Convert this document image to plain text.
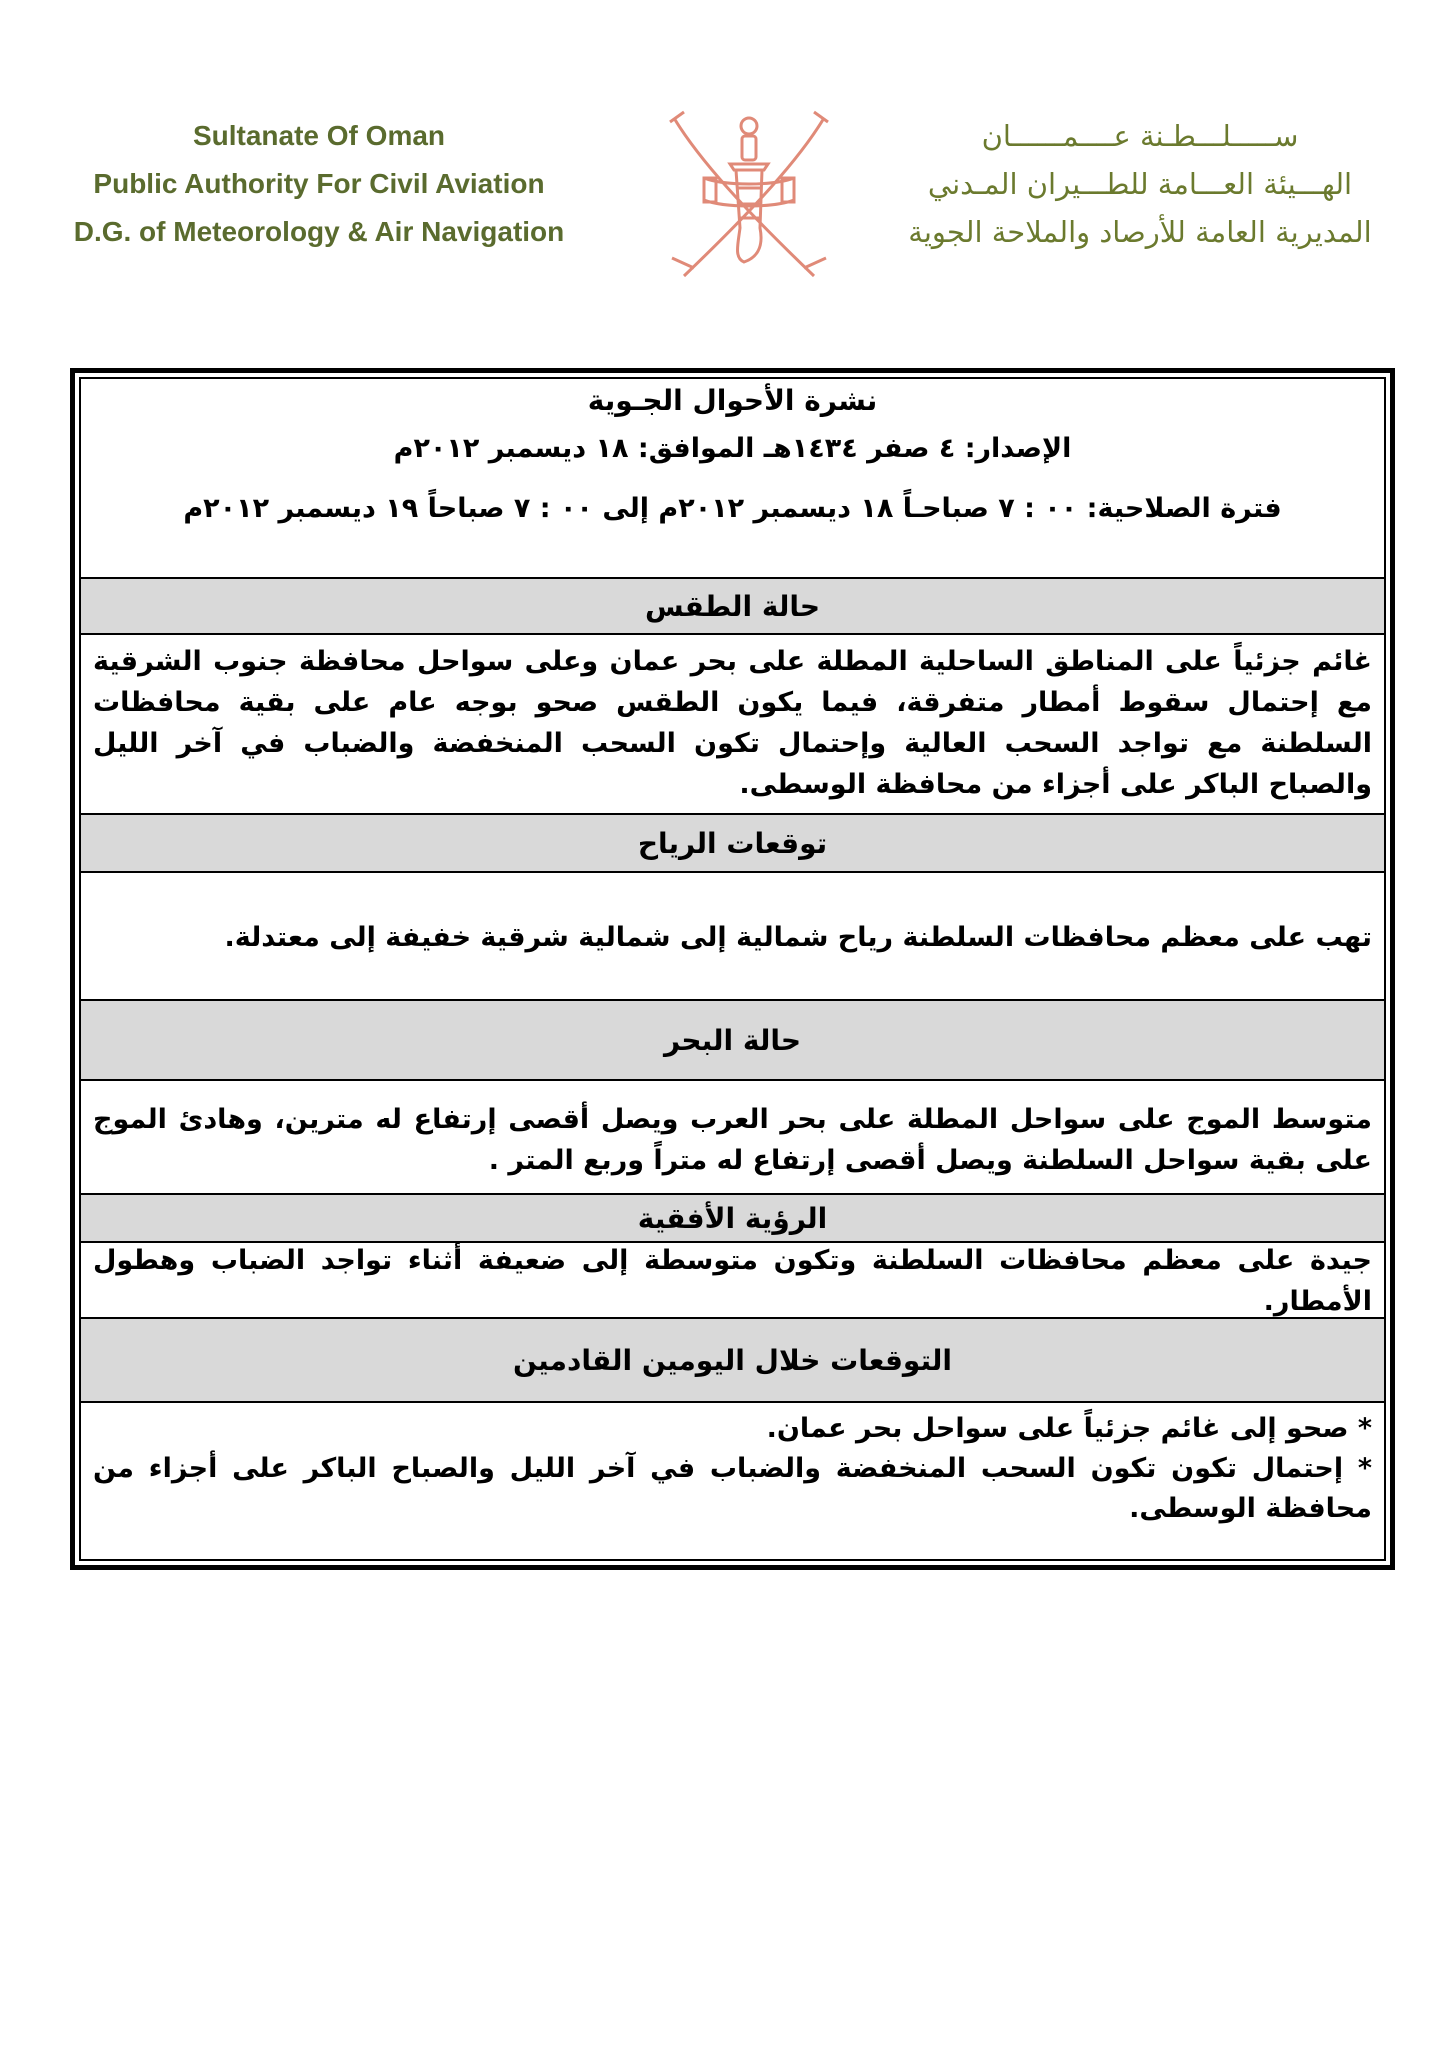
Sultanate Of Oman
Public Authority For Civil Aviation
D.G. of Meteorology & Air Navigation
ســـــلـــطـنة عــــمــــــان
الهـــيئة العـــامة للطـــيران المـدني
المديرية العامة للأرصاد والملاحة الجوية
نشرة الأحوال الجـوية
الإصدار: ٤ صفر ١٤٣٤هـ الموافق: ١٨ ديسمبر ٢٠١٢م
فترة الصلاحية: ٠٠ : ٧ صباحـاً ١٨ ديسمبر ٢٠١٢م إلى ٠٠ : ٧ صباحاً ١٩ ديسمبر ٢٠١٢م
حالة الطقس
غائم جزئياً على المناطق الساحلية المطلة على بحر عمان وعلى سواحل محافظة جنوب الشرقية مع إحتمال سقوط أمطار متفرقة، فيما يكون الطقس صحو بوجه عام على بقية محافظات السلطنة مع تواجد السحب العالية وإحتمال تكون السحب المنخفضة والضباب في آخر الليل والصباح الباكر على أجزاء من محافظة الوسطى.
توقعات الرياح
تهب على معظم محافظات السلطنة رياح شمالية إلى شمالية شرقية خفيفة إلى معتدلة.
حالة البحر
متوسط الموج على سواحل المطلة على بحر العرب ويصل أقصى إرتفاع له مترين، وهادئ الموج على بقية سواحل السلطنة ويصل أقصى إرتفاع له متراً وربع المتر .
الرؤية الأفقية
جيدة على معظم محافظات السلطنة وتكون متوسطة إلى ضعيفة أثناء تواجد الضباب وهطول الأمطار.
التوقعات خلال اليومين القادمين
* صحو إلى غائم جزئياً على سواحل بحر عمان.
* إحتمال تكون تكون السحب المنخفضة والضباب في آخر الليل والصباح الباكر على أجزاء من محافظة الوسطى.
